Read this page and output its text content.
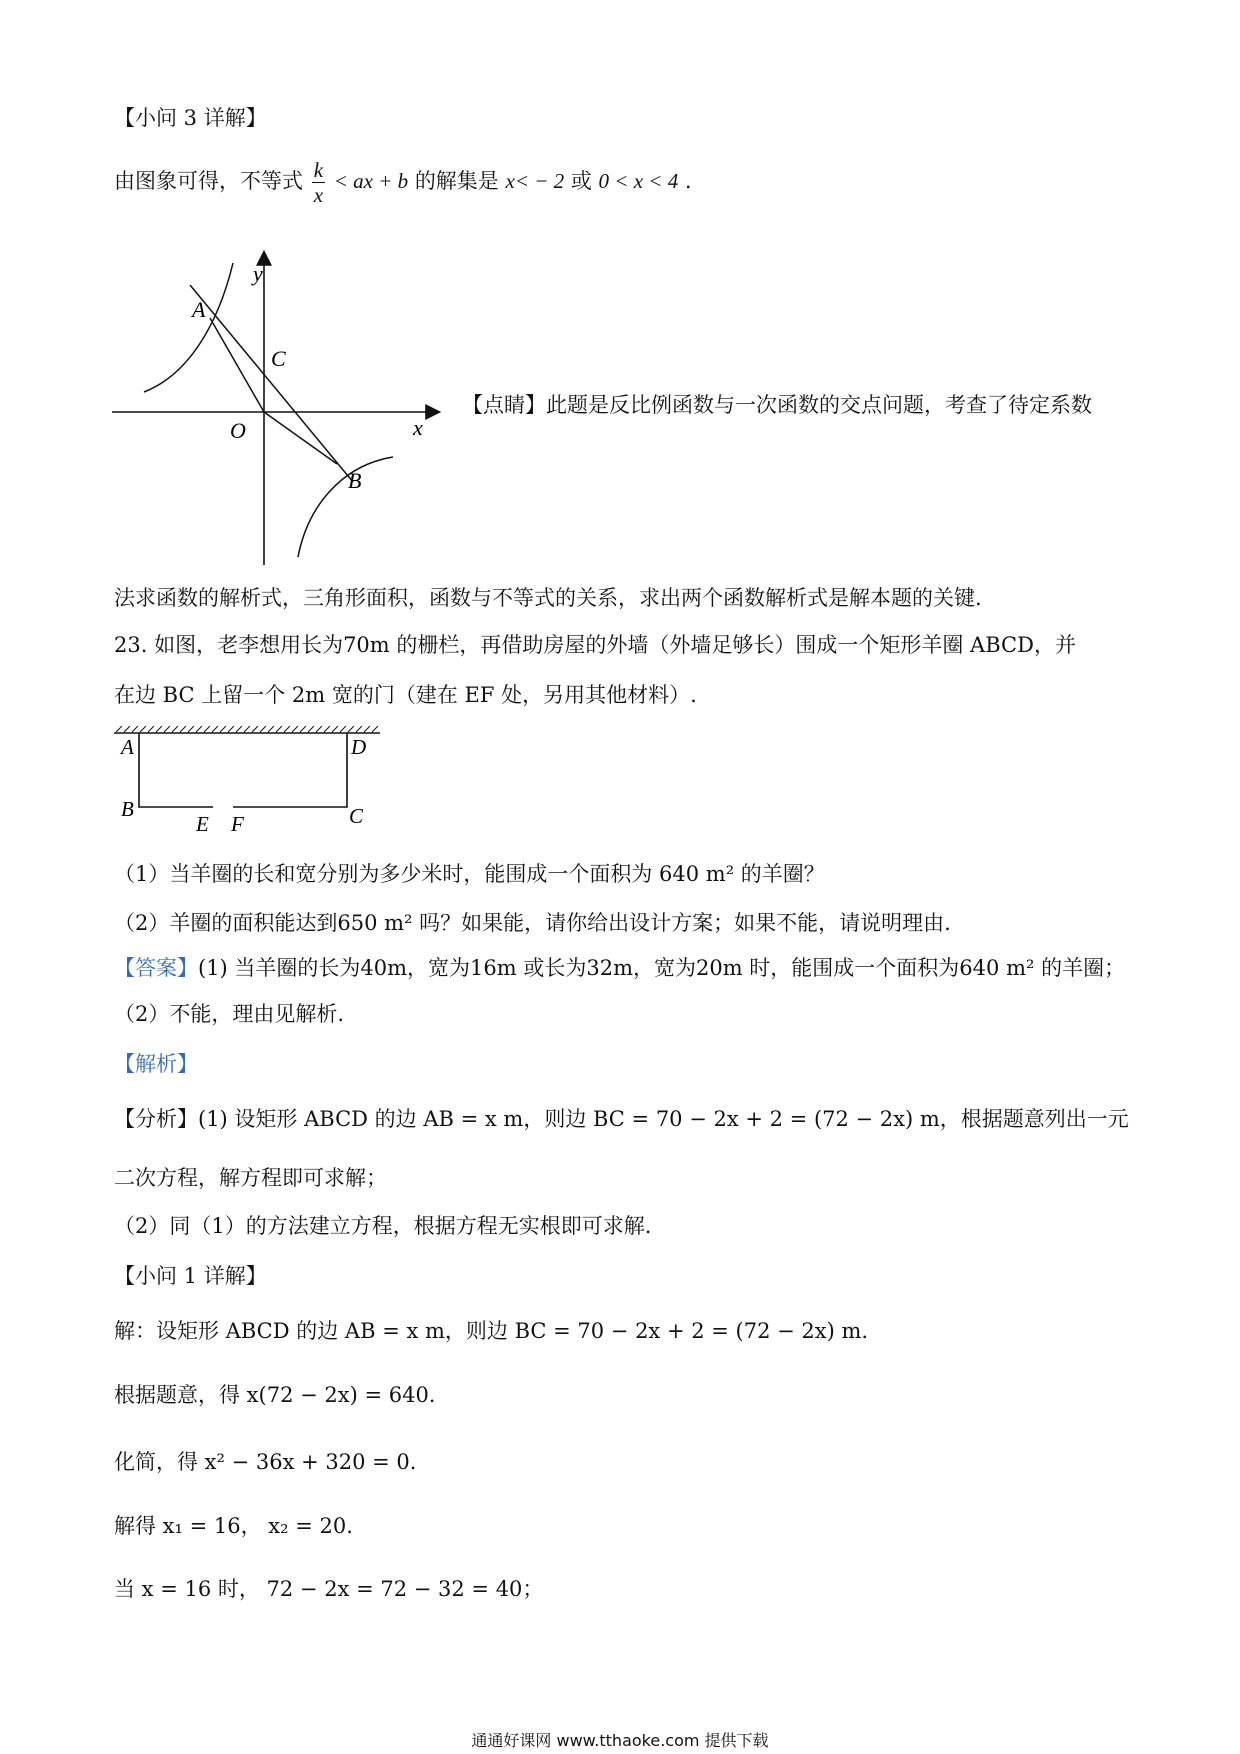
【小问 3 详解】
由图象可得，不等式 $\frac{k}{x}$ < ax + b 的解集是 x< − 2 或 0 < x < 4 .
y
x
O
A
B
C
【点睛】此题是反比例函数与一次函数的交点问题，考查了待定系数
法求函数的解析式，三角形面积，函数与不等式的关系，求出两个函数解析式是解本题的关键.
23. 如图，老李想用长为70m 的栅栏，再借助房屋的外墙（外墙足够长）围成一个矩形羊圈 ABCD，并
在边 BC 上留一个 2m 宽的门（建在 EF 处，另用其他材料）.
A	D
B	C
E F
（1）当羊圈的长和宽分别为多少米时，能围成一个面积为 640 m² 的羊圈？
（2）羊圈的面积能达到650 m² 吗？如果能，请你给出设计方案；如果不能，请说明理由.
【答案】(1) 当羊圈的长为40m，宽为16m 或长为32m，宽为20m 时，能围成一个面积为640 m² 的羊圈；
（2）不能，理由见解析.
【解析】
【分析】(1) 设矩形 ABCD 的边 AB = x m，则边 BC = 70 − 2x + 2 = (72 − 2x) m，根据题意列出一元
二次方程，解方程即可求解；
（2）同（1）的方法建立方程，根据方程无实根即可求解.
【小问 1 详解】
解：设矩形 ABCD 的边 AB = x m，则边 BC = 70 − 2x + 2 = (72 − 2x) m.
根据题意，得 x(72 − 2x) = 640.
化简，得 x² − 36x + 320 = 0.
解得 x₁ = 16， x₂ = 20.
当 x = 16 时， 72 − 2x = 72 − 32 = 40；
通通好课网 www.tthaoke.com 提供下载
